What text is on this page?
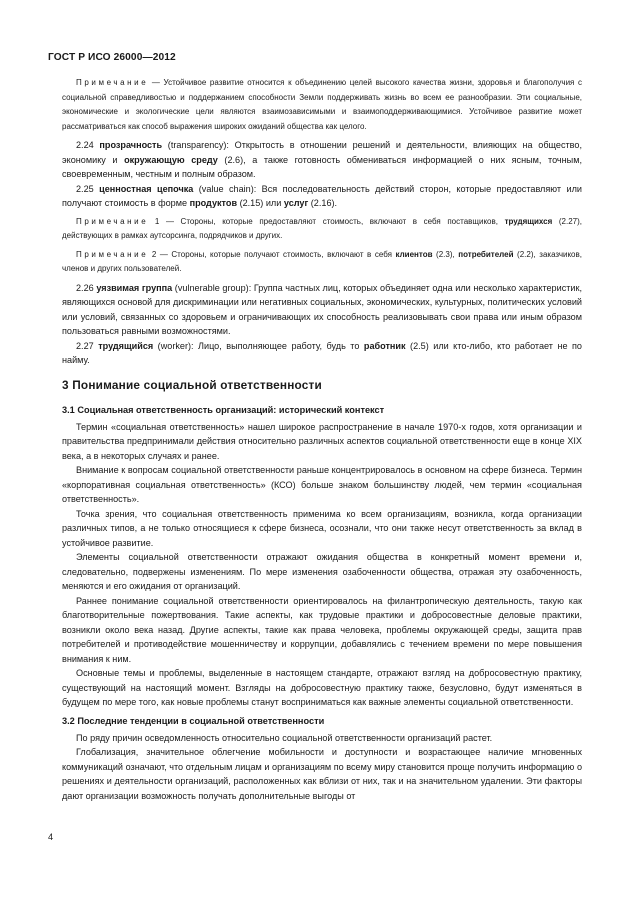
ГОСТ Р ИСО 26000—2012

Примечание — Устойчивое развитие относится к объединению целей высокого качества жизни, здоровья и благополучия с социальной справедливостью и поддержанием способности Земли поддерживать жизнь во всем ее разнообразии. Эти социальные, экономические и экологические цели являются взаимозависимыми и взаимоподдерживающимися. Устойчивое развитие может рассматриваться как способ выражения широких ожиданий общества как целого.

2.24 прозрачность (transparency): Открытость в отношении решений и деятельности, влияющих на общество, экономику и окружающую среду (2.6), а также готовность обмениваться информацией о них ясным, точным, своевременным, честным и полным образом.

2.25 ценностная цепочка (value chain): Вся последовательность действий сторон, которые предоставляют или получают стоимость в форме продуктов (2.15) или услуг (2.16).

Примечание 1 — Стороны, которые предоставляют стоимость, включают в себя поставщиков, трудящихся (2.27), действующих в рамках аутсорсинга, подрядчиков и других.

Примечание 2 — Стороны, которые получают стоимость, включают в себя клиентов (2.3), потребителей (2.2), заказчиков, членов и других пользователей.

2.26 уязвимая группа (vulnerable group): Группа частных лиц, которых объединяет одна или несколько характеристик, являющихся основой для дискриминации или негативных социальных, экономических, культурных, политических условий или условий, связанных со здоровьем и ограничивающих их способность реализовывать свои права или иным образом пользоваться равными возможностями.

2.27 трудящийся (worker): Лицо, выполняющее работу, будь то работник (2.5) или кто-либо, кто работает не по найму.

3 Понимание социальной ответственности
3.1 Социальная ответственность организаций: исторический контекст

Термин «социальная ответственность» нашел широкое распространение в начале 1970-х годов, хотя организации и правительства предпринимали действия относительно различных аспектов социальной ответственности еще в конце XIX века, а в некоторых случаях и ранее.

Внимание к вопросам социальной ответственности раньше концентрировалось в основном на сфере бизнеса. Термин «корпоративная социальная ответственность» (КСО) больше знаком большинству людей, чем термин «социальная ответственность».

Точка зрения, что социальная ответственность применима ко всем организациям, возникла, когда организации различных типов, а не только относящиеся к сфере бизнеса, осознали, что они также несут ответственность за вклад в устойчивое развитие.

Элементы социальной ответственности отражают ожидания общества в конкретный момент времени и, следовательно, подвержены изменениям. По мере изменения озабоченности общества, отражая эту озабоченность, меняются и его ожидания от организаций.

Раннее понимание социальной ответственности ориентировалось на филантропическую деятельность, такую как благотворительные пожертвования. Такие аспекты, как трудовые практики и добросовестные деловые практики, возникли около века назад. Другие аспекты, такие как права человека, проблемы окружающей среды, защита прав потребителей и противодействие мошенничеству и коррупции, добавлялись с течением времени по мере повышения внимания к ним.

Основные темы и проблемы, выделенные в настоящем стандарте, отражают взгляд на добросовестную практику, существующий на настоящий момент. Взгляды на добросовестную практику также, безусловно, будут изменяться в будущем по мере того, как новые проблемы станут восприниматься как важные элементы социальной ответственности.

3.2 Последние тенденции в социальной ответственности

По ряду причин осведомленность относительно социальной ответственности организаций растет.

Глобализация, значительное облегчение мобильности и доступности и возрастающее наличие мгновенных коммуникаций означают, что отдельным лицам и организациям по всему миру становится проще получить информацию о решениях и деятельности организаций, расположенных как вблизи от них, так и на значительном удалении. Эти факторы дают организации возможность получать дополнительные выгоды от

4
